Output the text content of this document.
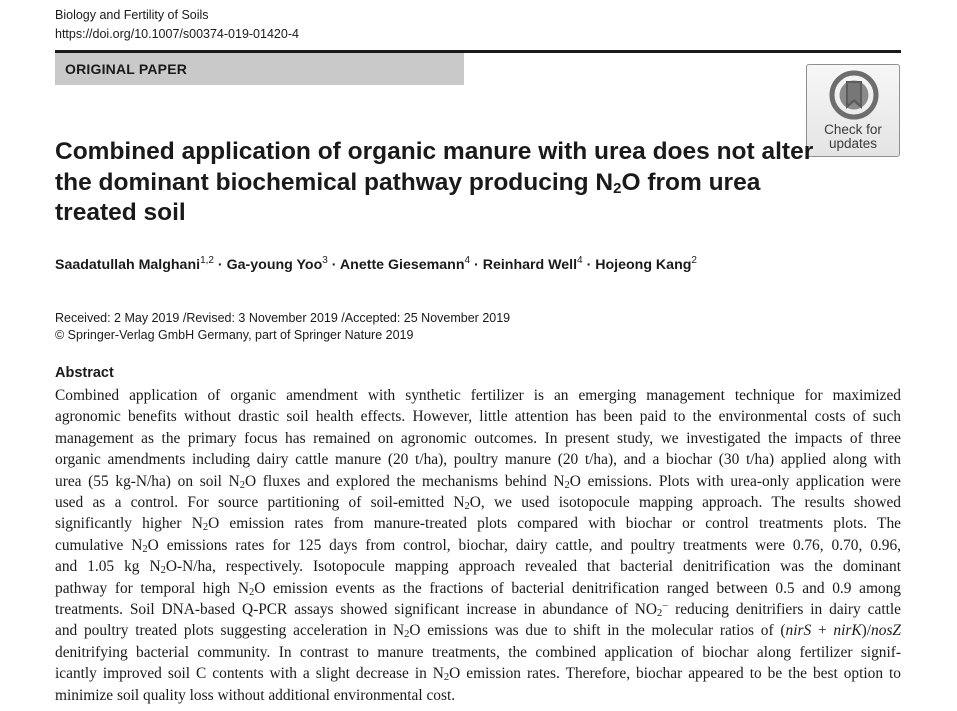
Biology and Fertility of Soils
https://doi.org/10.1007/s00374-019-01420-4
ORIGINAL PAPER
Check for
updates
Combined application of organic manure with urea does not alter
the dominant biochemical pathway producing $N_2O$ from urea
treated soil
Saadatullah Malghani$^{1,2}$ · Ga-young Yoo$^3$ · Anette Giesemann$^4$ · Reinhard Well$^4$ · Hojeong Kang$^2$
Received: 2 May 2019 /Revised: 3 November 2019 /Accepted: 25 November 2019
© Springer-Verlag GmbH Germany, part of Springer Nature 2019
Abstract
Combined application of organic amendment with synthetic fertilizer is an emerging management technique for maximized
agronomic benefits without drastic soil health effects. However, little attention has been paid to the environmental costs of such
management as the primary focus has remained on agronomic outcomes. In present study, we investigated the impacts of three
organic amendments including dairy cattle manure (20 t/ha), poultry manure (20 t/ha), and a biochar (30 t/ha) applied along with
urea (55 kg-N/ha) on soil $N_2O$ fluxes and explored the mechanisms behind $N_2O$ emissions. Plots with urea-only application were
used as a control. For source partitioning of soil-emitted $N_2O$, we used isotopocule mapping approach. The results showed
significantly higher $N_2O$ emission rates from manure-treated plots compared with biochar or control treatments plots. The
cumulative $N_2O$ emissions rates for 125 days from control, biochar, dairy cattle, and poultry treatments were 0.76, 0.70, 0.96,
and 1.05 kg $N_2O-N/ha$, respectively. Isotopocule mapping approach revealed that bacterial denitrification was the dominant
pathway for temporal high $N_2O$ emission events as the fractions of bacterial denitrification ranged between 0.5 and 0.9 among
treatments. Soil DNA-based Q-PCR assays showed significant increase in abundance of $NO_2^-$ reducing denitrifiers in dairy cattle
and poultry treated plots suggesting acceleration in $N_2O$ emissions was due to shift in the molecular ratios of (nirS + nirK)/nosZ
denitrifying bacterial community. In contrast to manure treatments, the combined application of biochar along fertilizer signif-
icantly improved soil C contents with a slight decrease in $N_2O$ emission rates. Therefore, biochar appeared to be the best option to
minimize soil quality loss without additional environmental cost.
